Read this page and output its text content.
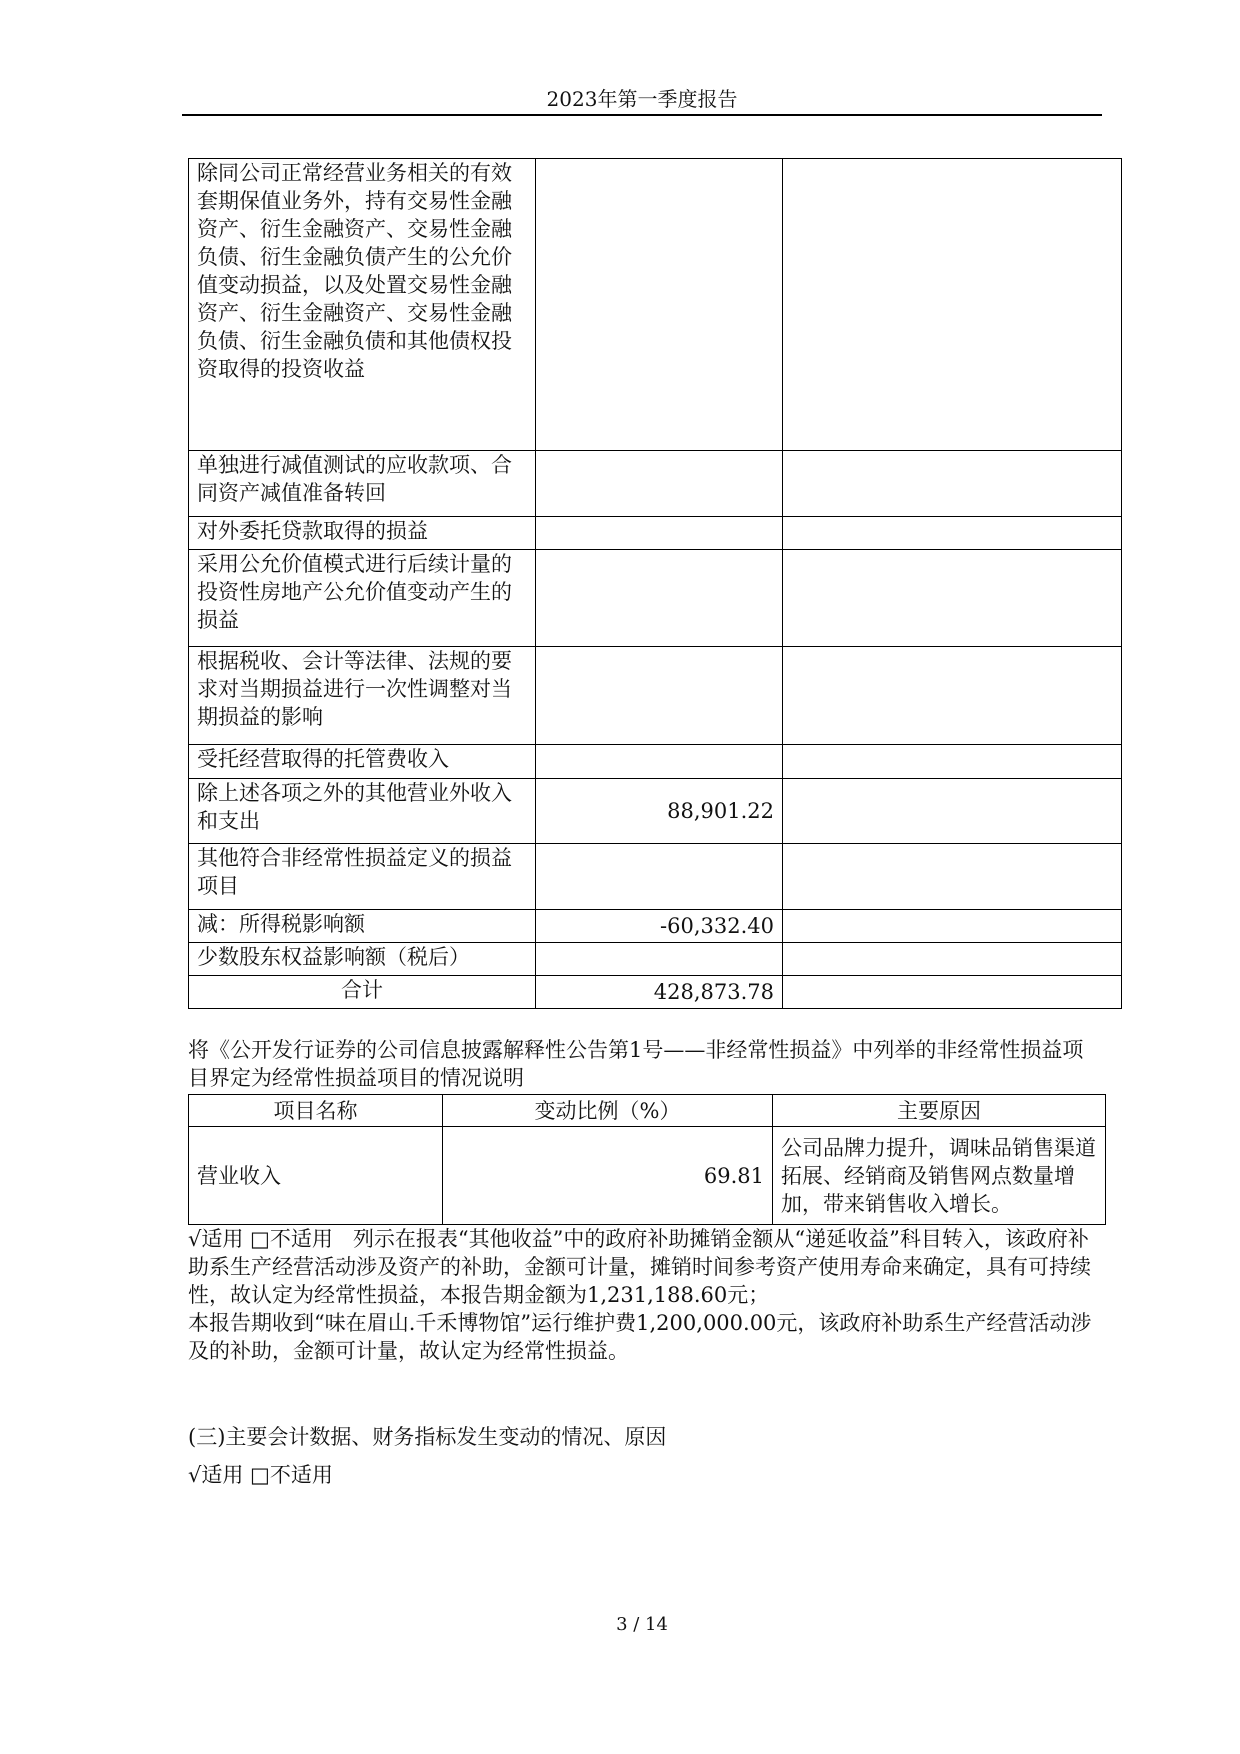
2023年第一季度报告
除同公司正常经营业务相关的有效套期保值业务外，持有交易性金融资产、衍生金融资产、交易性金融负债、衍生金融负债产生的公允价值变动损益，以及处置交易性金融资产、衍生金融资产、交易性金融负债、衍生金融负债和其他债权投资取得的投资收益		
单独进行减值测试的应收款项、合同资产减值准备转回		
对外委托贷款取得的损益		
采用公允价值模式进行后续计量的投资性房地产公允价值变动产生的损益		
根据税收、会计等法律、法规的要求对当期损益进行一次性调整对当期损益的影响		
受托经营取得的托管费收入		
除上述各项之外的其他营业外收入和支出	88,901.22	
其他符合非经常性损益定义的损益项目		
减：所得税影响额	-60,332.40	
少数股东权益影响额（税后）		
合计	428,873.78	
将《公开发行证券的公司信息披露解释性公告第1号——非经常性损益》中列举的非经常性损益项目界定为经常性损益项目的情况说明
项目名称	变动比例（%）	主要原因
营业收入	69.81	公司品牌力提升，调味品销售渠道拓展、经销商及销售网点数量增加，带来销售收入增长。
√适用 □不适用 列示在报表“其他收益”中的政府补助摊销金额从“递延收益”科目转入，该政府补助系生产经营活动涉及资产的补助，金额可计量，摊销时间参考资产使用寿命来确定，具有可持续性，故认定为经常性损益，本报告期金额为1,231,188.60元；
本报告期收到“味在眉山.千禾博物馆”运行维护费1,200,000.00元，该政府补助系生产经营活动涉及的补助，金额可计量，故认定为经常性损益。
(三)主要会计数据、财务指标发生变动的情况、原因
√适用 □不适用
3 / 14
